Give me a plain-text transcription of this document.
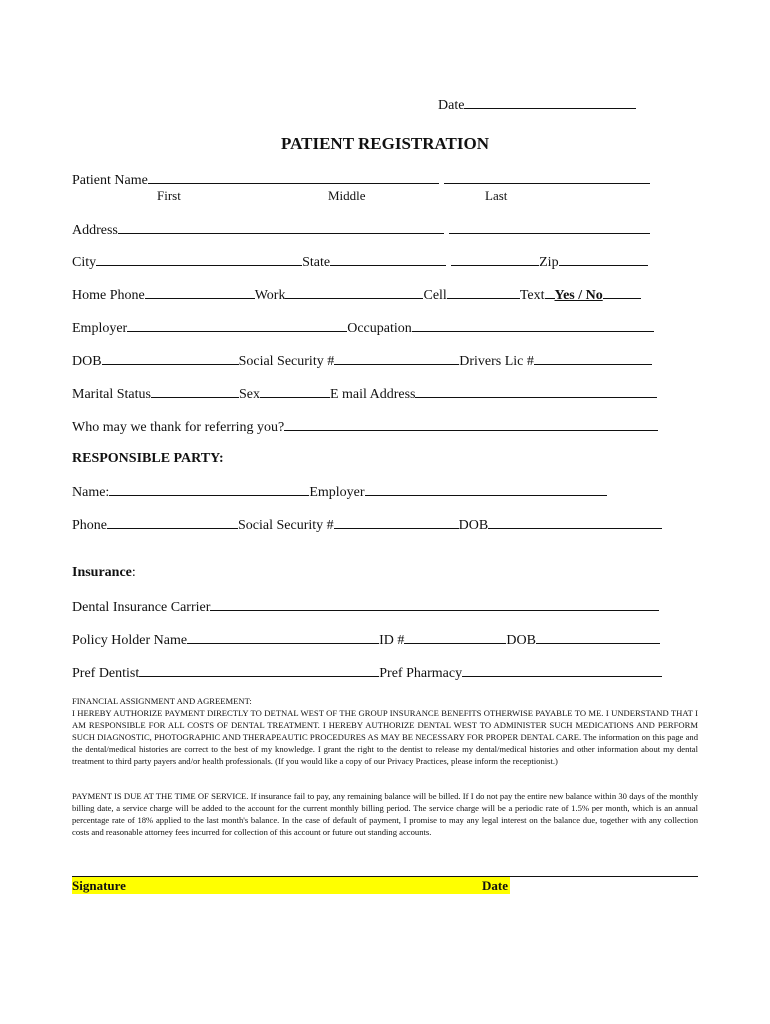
Date
PATIENT REGISTRATION
Patient Name
First	Middle	Last
Address
City	State	Zip
Home Phone	Work	Cell	Text Yes / No
Employer	Occupation
DOB	Social Security #	Drivers Lic #
Marital Status	Sex	E mail Address
Who may we thank for referring you?
RESPONSIBLE PARTY:
Name:	Employer
Phone	Social Security #	DOB
Insurance:
Dental Insurance Carrier
Policy Holder Name	ID #	DOB
Pref Dentist	Pref Pharmacy

FINANCIAL ASSIGNMENT AND AGREEMENT:

I HEREBY AUTHORIZE PAYMENT DIRECTLY TO DETNAL WEST OF THE GROUP INSURANCE BENEFITS OTHERWISE PAYABLE TO ME. I UNDERSTAND THAT I AM RESPONSIBLE FOR ALL COSTS OF DENTAL TREATMENT. I HEREBY AUTHORIZE DENTAL WEST TO ADMINISTER SUCH MEDICATIONS AND PERFORM SUCH DIAGNOSTIC, PHOTOGRAPHIC AND THERAPEAUTIC PROCEDURES AS MAY BE NECESSARY FOR PROPER DENTAL CARE. The information on this page and the dental/medical histories are correct to the best of my knowledge. I grant the right to the dentist to release my dental/medical histories and other information about my dental treatment to third party payers and/or health professionals. (If you would like a copy of our Privacy Practices, please inform the receptionist.)

PAYMENT IS DUE AT THE TIME OF SERVICE. If insurance fail to pay, any remaining balance will be billed. If I do not pay the entire new balance within 30 days of the monthly billing date, a service charge will be added to the account for the current monthly billing period. The service charge will be a periodic rate of 1.5% per month, which is an annual percentage rate of 18% applied to the last month's balance. In the case of default of payment, I promise to may any legal interest on the balance due, together with any collection costs and reasonable attorney fees incurred for collection of this account or future out standing accounts.

Signature	Date
